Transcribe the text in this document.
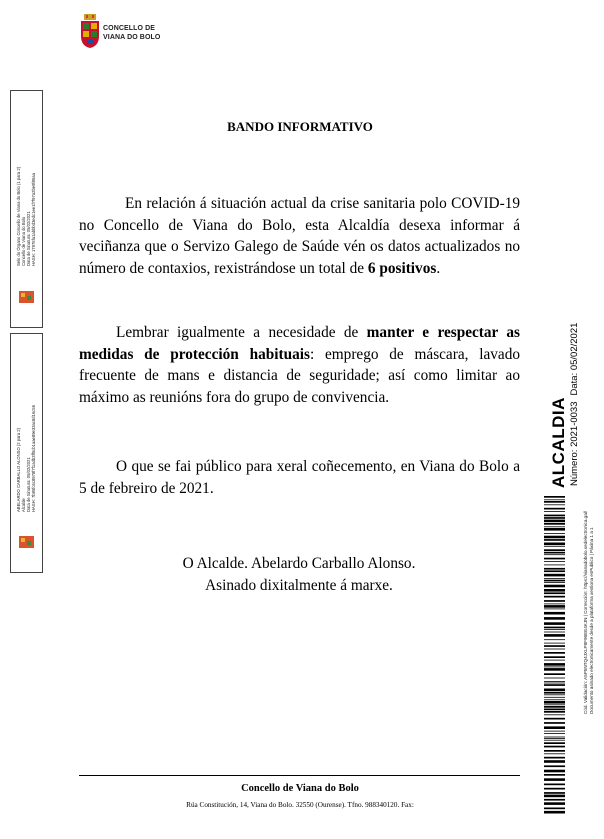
CONCELLO DE
VIANA DO BOLO
Selo do Órgano Concello de Viana do Bolo (1 para 2) Concello de Viana do Bolo Data de Sinatura: 05/02/2021 HASH: 17976fa1abbbd3edc1ee1f7f97a2be9f85aa
ABELARDO CARBALLO ALONSO (2 para 2) Alcalde Data de Sinatura: 05/02/2021 HASH: 7b85fc6c8978f7f1adb3ff5cb1aae89e33ac8d16c56
BANDO INFORMATIVO
En relación á situación actual da crise sanitaria polo COVID-19 no Concello de Viana do Bolo, esta Alcaldía desexa informar á veciñanza que o Servizo Galego de Saúde vén os datos actualizados no número de contaxios, rexistrándose un total de 6 positivos.
Lembrar igualmente a necesidade de manter e respectar as medidas de protección habituais: emprego de máscara, lavado frecuente de mans e distancia de seguridade; así como limitar ao máximo as reunións fora do grupo de convivencia.
O que se fai público para xeral coñecemento, en Viana do Bolo a 5 de febreiro de 2021.
O Alcalde. Abelardo Carballo Alonso.
Asinado dixitalmente á marxe.
Concello de Viana do Bolo
Rúa Constitución, 14, Viana do Bolo. 32550 (Ourense). Tfno. 988340120. Fax:
ALCALDIA Número: 2021-0033Data: 05/02/2021
Cód. Validación: A5P5NTQ4JXLP8F98EE4KJN | Corrección: https://vianadobolo.sedelectronica.gal/ Documento asinado electronicamente desde a plataforma xestiona esPublico | Páxina 1 a 1
